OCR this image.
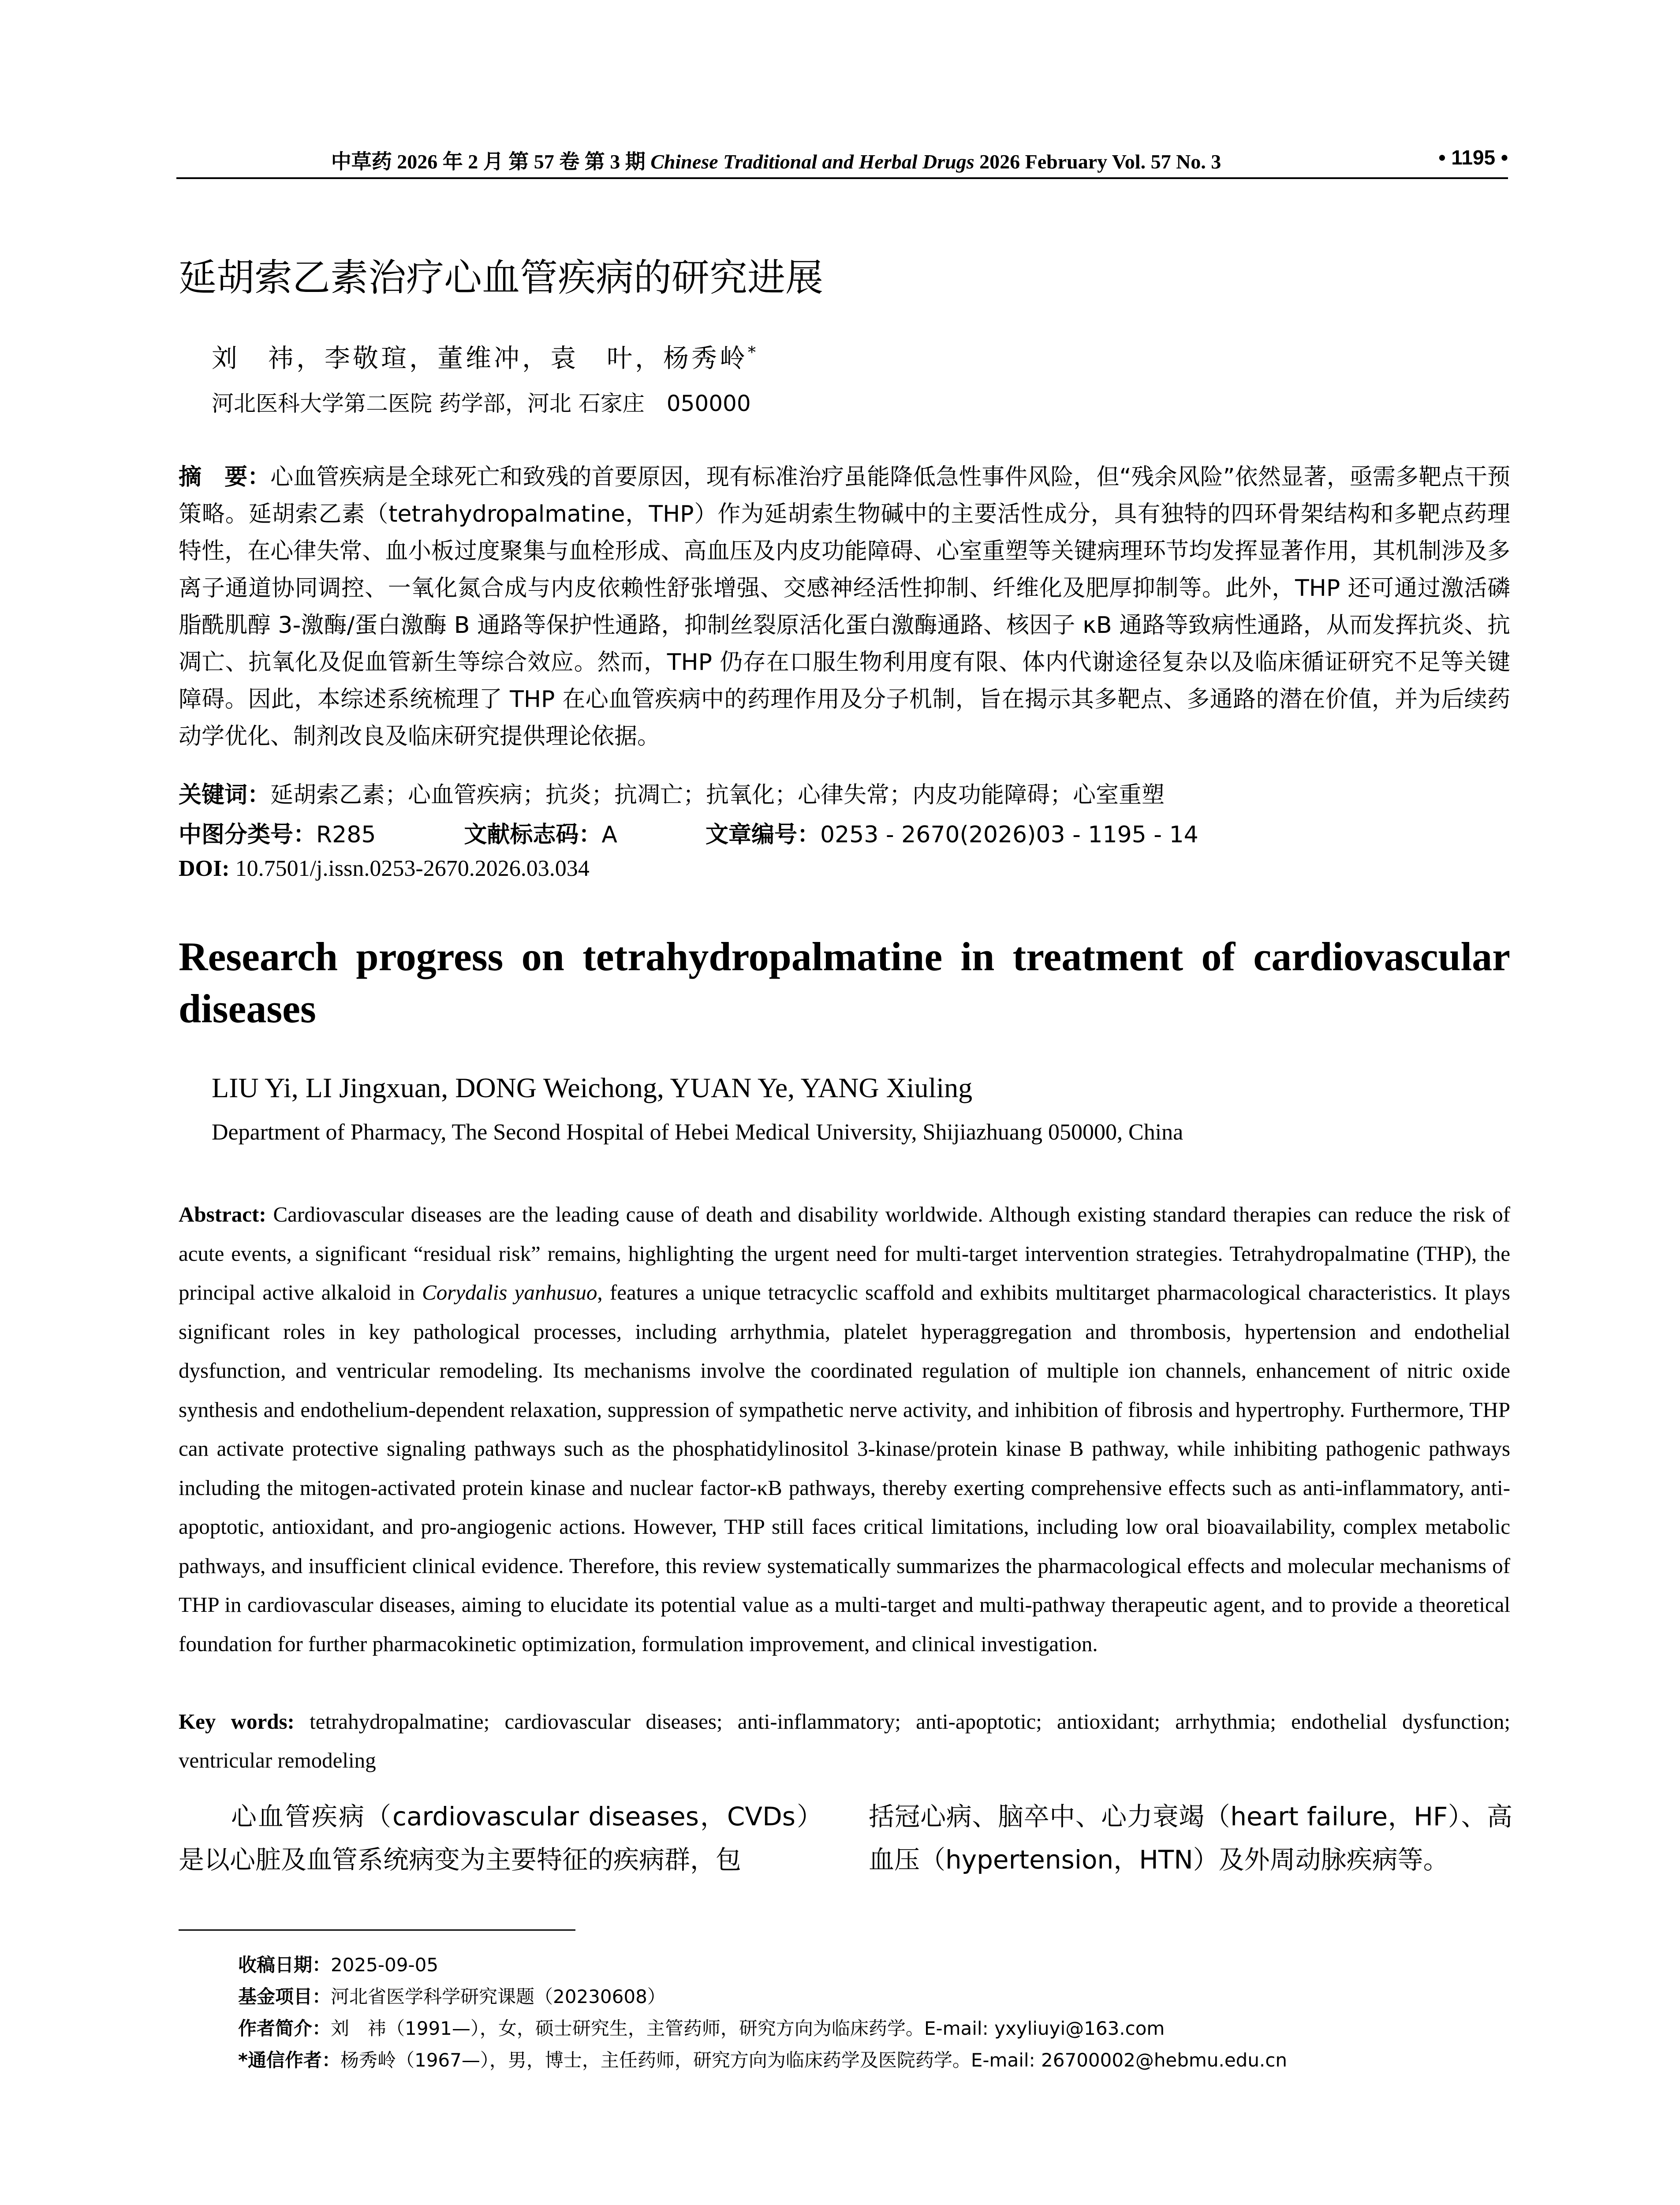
中草药 2026 年 2 月 第 57 卷 第 3 期 Chinese Traditional and Herbal Drugs 2026 February Vol. 57 No. 3	• 1195 •
延胡索乙素治疗心血管疾病的研究进展
刘　祎，李敬瑄，董维冲，袁　叶，杨秀岭*
河北医科大学第二医院 药学部，河北 石家庄　050000
摘　要：心血管疾病是全球死亡和致残的首要原因，现有标准治疗虽能降低急性事件风险，但“残余风险”依然显著，亟需多靶点干预策略。延胡索乙素（tetrahydropalmatine，THP）作为延胡索生物碱中的主要活性成分，具有独特的四环骨架结构和多靶点药理特性，在心律失常、血小板过度聚集与血栓形成、高血压及内皮功能障碍、心室重塑等关键病理环节均发挥显著作用，其机制涉及多离子通道协同调控、一氧化氮合成与内皮依赖性舒张增强、交感神经活性抑制、纤维化及肥厚抑制等。此外，THP 还可通过激活磷脂酰肌醇 3-激酶/蛋白激酶 B 通路等保护性通路，抑制丝裂原活化蛋白激酶通路、核因子 κB 通路等致病性通路，从而发挥抗炎、抗凋亡、抗氧化及促血管新生等综合效应。然而，THP 仍存在口服生物利用度有限、体内代谢途径复杂以及临床循证研究不足等关键障碍。因此，本综述系统梳理了 THP 在心血管疾病中的药理作用及分子机制，旨在揭示其多靶点、多通路的潜在价值，并为后续药动学优化、制剂改良及临床研究提供理论依据。
关键词：延胡索乙素；心血管疾病；抗炎；抗凋亡；抗氧化；心律失常；内皮功能障碍；心室重塑
中图分类号：R285	文献标志码：A	文章编号：0253 - 2670(2026)03 - 1195 - 14
DOI: 10.7501/j.issn.0253-2670.2026.03.034
Research progress on tetrahydropalmatine in treatment of cardiovascular diseases
LIU Yi, LI Jingxuan, DONG Weichong, YUAN Ye, YANG Xiuling
Department of Pharmacy, The Second Hospital of Hebei Medical University, Shijiazhuang 050000, China
Abstract: Cardiovascular diseases are the leading cause of death and disability worldwide. Although existing standard therapies can reduce the risk of acute events, a significant “residual risk” remains, highlighting the urgent need for multi-target intervention strategies. Tetrahydropalmatine (THP), the principal active alkaloid in Corydalis yanhusuo, features a unique tetracyclic scaffold and exhibits multitarget pharmacological characteristics. It plays significant roles in key pathological processes, including arrhythmia, platelet hyperaggregation and thrombosis, hypertension and endothelial dysfunction, and ventricular remodeling. Its mechanisms involve the coordinated regulation of multiple ion channels, enhancement of nitric oxide synthesis and endothelium-dependent relaxation, suppression of sympathetic nerve activity, and inhibition of fibrosis and hypertrophy. Furthermore, THP can activate protective signaling pathways such as the phosphatidylinositol 3-kinase/protein kinase B pathway, while inhibiting pathogenic pathways including the mitogen-activated protein kinase and nuclear factor-κB pathways, thereby exerting comprehensive effects such as anti-inflammatory, anti-apoptotic, antioxidant, and pro-angiogenic actions. However, THP still faces critical limitations, including low oral bioavailability, complex metabolic pathways, and insufficient clinical evidence. Therefore, this review systematically summarizes the pharmacological effects and molecular mechanisms of THP in cardiovascular diseases, aiming to elucidate its potential value as a multi-target and multi-pathway therapeutic agent, and to provide a theoretical foundation for further pharmacokinetic optimization, formulation improvement, and clinical investigation.
Key words: tetrahydropalmatine; cardiovascular diseases; anti-inflammatory; anti-apoptotic; antioxidant; arrhythmia; endothelial dysfunction; ventricular remodeling
心血管疾病（cardiovascular diseases，CVDs）是以心脏及血管系统病变为主要特征的疾病群，包
括冠心病、脑卒中、心力衰竭（heart failure，HF）、高血压（hypertension，HTN）及外周动脉疾病等。
收稿日期：2025-09-05
基金项目：河北省医学科学研究课题（20230608）
作者简介：刘　祎（1991—），女，硕士研究生，主管药师，研究方向为临床药学。E-mail: yxyliuyi@163.com
*通信作者：杨秀岭（1967—），男，博士，主任药师，研究方向为临床药学及医院药学。E-mail: 26700002@hebmu.edu.cn
